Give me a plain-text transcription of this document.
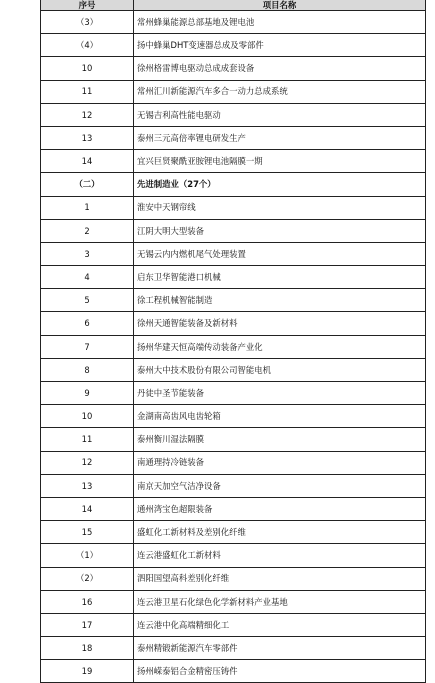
序号	项目名称
（3）	常州蜂巢能源总部基地及锂电池
（4）	扬中蜂巢DHT变速器总成及零部件
10	徐州格雷博电驱动总成成套设备
11	常州汇川新能源汽车多合一动力总成系统
12	无锡吉利高性能电驱动
13	泰州三元高倍率锂电研发生产
14	宜兴巨贤聚酰亚胺锂电池隔膜一期
（二）	先进制造业（27个）
1	淮安中天钢帘线
2	江阴大明大型装备
3	无锡云内内燃机尾气处理装置
4	启东卫华智能港口机械
5	徐工程机械智能制造
6	徐州天通智能装备及新材料
7	扬州华建天恒高端传动装备产业化
8	泰州大中技术股份有限公司智能电机
9	丹徒中圣节能装备
10	金湖南高齿风电齿轮箱
11	泰州衡川湿法隔膜
12	南通理持冷链装备
13	南京天加空气洁净设备
14	通州湾宝色超限装备
15	盛虹化工新材料及差别化纤维
（1）	连云港盛虹化工新材料
（2）	泗阳国望高科差别化纤维
16	连云港卫星石化绿色化学新材料产业基地
17	连云港中化高端精细化工
18	泰州精锻新能源汽车零部件
19	扬州嵘泰铝合金精密压铸件
